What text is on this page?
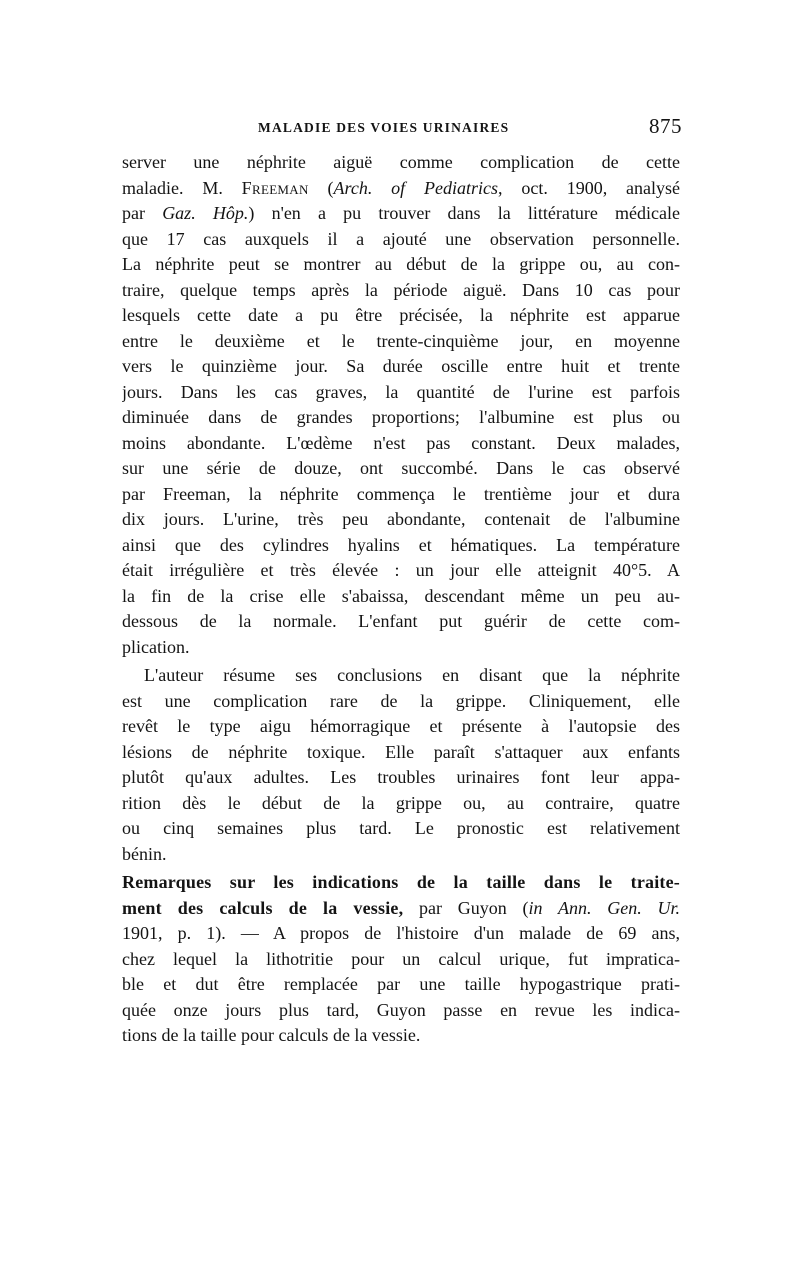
MALADIE DES VOIES URINAIRES	875
server une néphrite aiguë comme complication de cette
maladie. M. Freeman (Arch. of Pediatrics, oct. 1900, analysé
par Gaz. Hôp.) n'en a pu trouver dans la littérature médicale
que 17 cas auxquels il a ajouté une observation personnelle.
La néphrite peut se montrer au début de la grippe ou, au con-
traire, quelque temps après la période aiguë. Dans 10 cas pour
lesquels cette date a pu être précisée, la néphrite est apparue
entre le deuxième et le trente-cinquième jour, en moyenne
vers le quinzième jour. Sa durée oscille entre huit et trente
jours. Dans les cas graves, la quantité de l'urine est parfois
diminuée dans de grandes proportions; l'albumine est plus ou
moins abondante. L'œdème n'est pas constant. Deux malades,
sur une série de douze, ont succombé. Dans le cas observé
par Freeman, la néphrite commença le trentième jour et dura
dix jours. L'urine, très peu abondante, contenait de l'albumine
ainsi que des cylindres hyalins et hématiques. La température
était irrégulière et très élevée : un jour elle atteignit 40°5. A
la fin de la crise elle s'abaissa, descendant même un peu au-
dessous de la normale. L'enfant put guérir de cette com-
plication.
L'auteur résume ses conclusions en disant que la néphrite
est une complication rare de la grippe. Cliniquement, elle
revêt le type aigu hémorragique et présente à l'autopsie des
lésions de néphrite toxique. Elle paraît s'attaquer aux enfants
plutôt qu'aux adultes. Les troubles urinaires font leur appa-
rition dès le début de la grippe ou, au contraire, quatre
ou cinq semaines plus tard. Le pronostic est relativement
bénin.
Remarques sur les indications de la taille dans le traite-
ment des calculs de la vessie, par Guyon (in Ann. Gen. Ur.
1901, p. 1). — A propos de l'histoire d'un malade de 69 ans,
chez lequel la lithotritie pour un calcul urique, fut impratica-
ble et dut être remplacée par une taille hypogastrique prati-
quée onze jours plus tard, Guyon passe en revue les indica-
tions de la taille pour calculs de la vessie.
